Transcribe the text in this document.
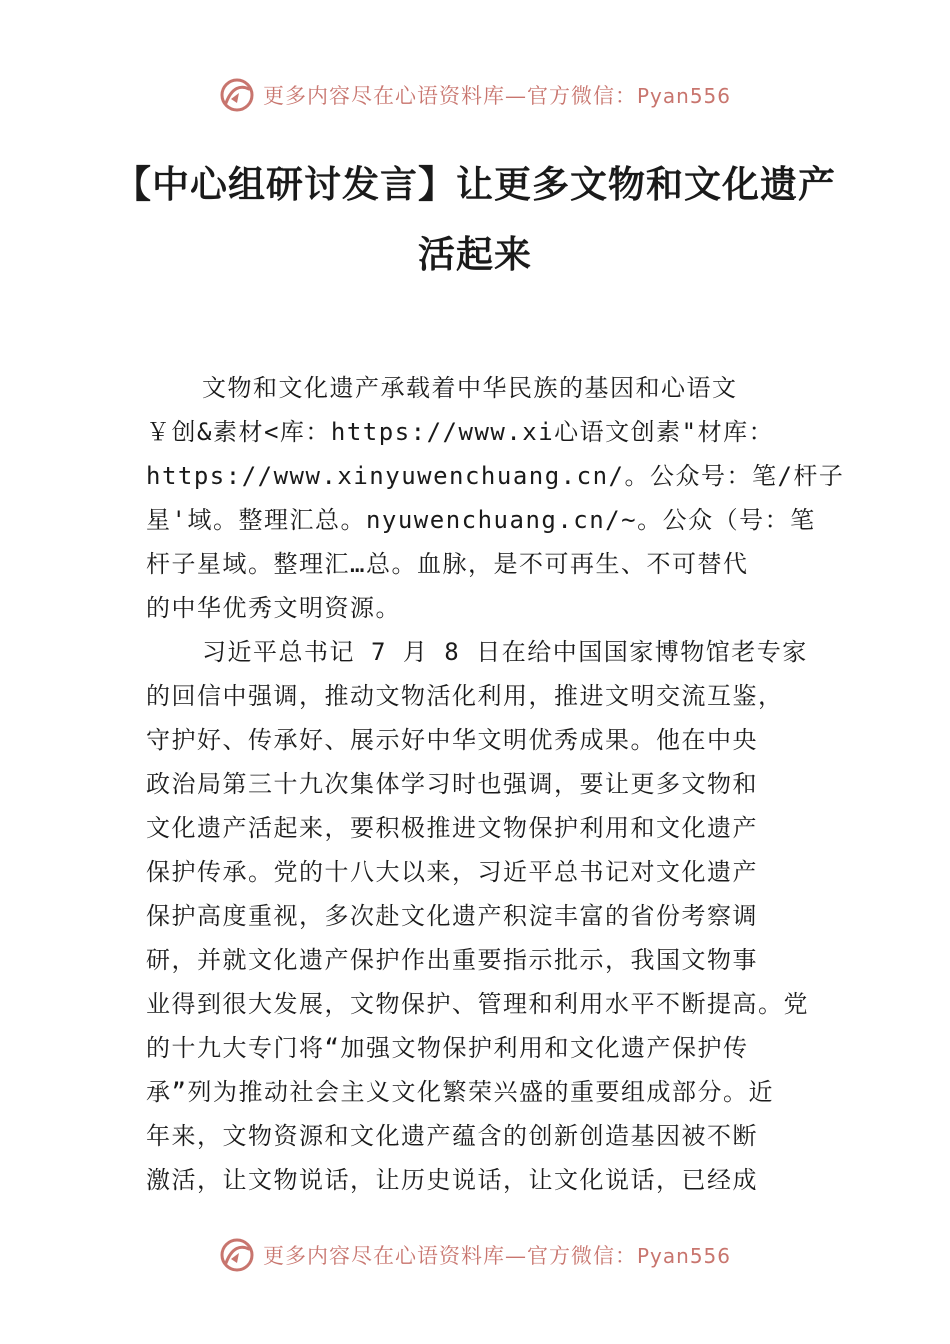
更多内容尽在心语资料库—官方微信：Pyan556
【中心组研讨发言】让更多文物和文化遗产
活起来
文物和文化遗产承载着中华民族的基因和心语文
￥创&素材<库：https://www.xi心语文创素"材库：
https://www.xinyuwenchuang.cn/。公众号：笔/杆子
星'域。整理汇总。nyuwenchuang.cn/~。公众（号：笔
杆子星域。整理汇…总。血脉，是不可再生、不可替代
的中华优秀文明资源。
习近平总书记 7 月 8 日在给中国国家博物馆老专家
的回信中强调，推动文物活化利用，推进文明交流互鉴，
守护好、传承好、展示好中华文明优秀成果。他在中央
政治局第三十九次集体学习时也强调，要让更多文物和
文化遗产活起来，要积极推进文物保护利用和文化遗产
保护传承。党的十八大以来，习近平总书记对文化遗产
保护高度重视，多次赴文化遗产积淀丰富的省份考察调
研，并就文化遗产保护作出重要指示批示，我国文物事
业得到很大发展，文物保护、管理和利用水平不断提高。党
的十九大专门将“加强文物保护利用和文化遗产保护传
承”列为推动社会主义文化繁荣兴盛的重要组成部分。近
年来，文物资源和文化遗产蕴含的创新创造基因被不断
激活，让文物说话，让历史说话，让文化说话，已经成
更多内容尽在心语资料库—官方微信：Pyan556
